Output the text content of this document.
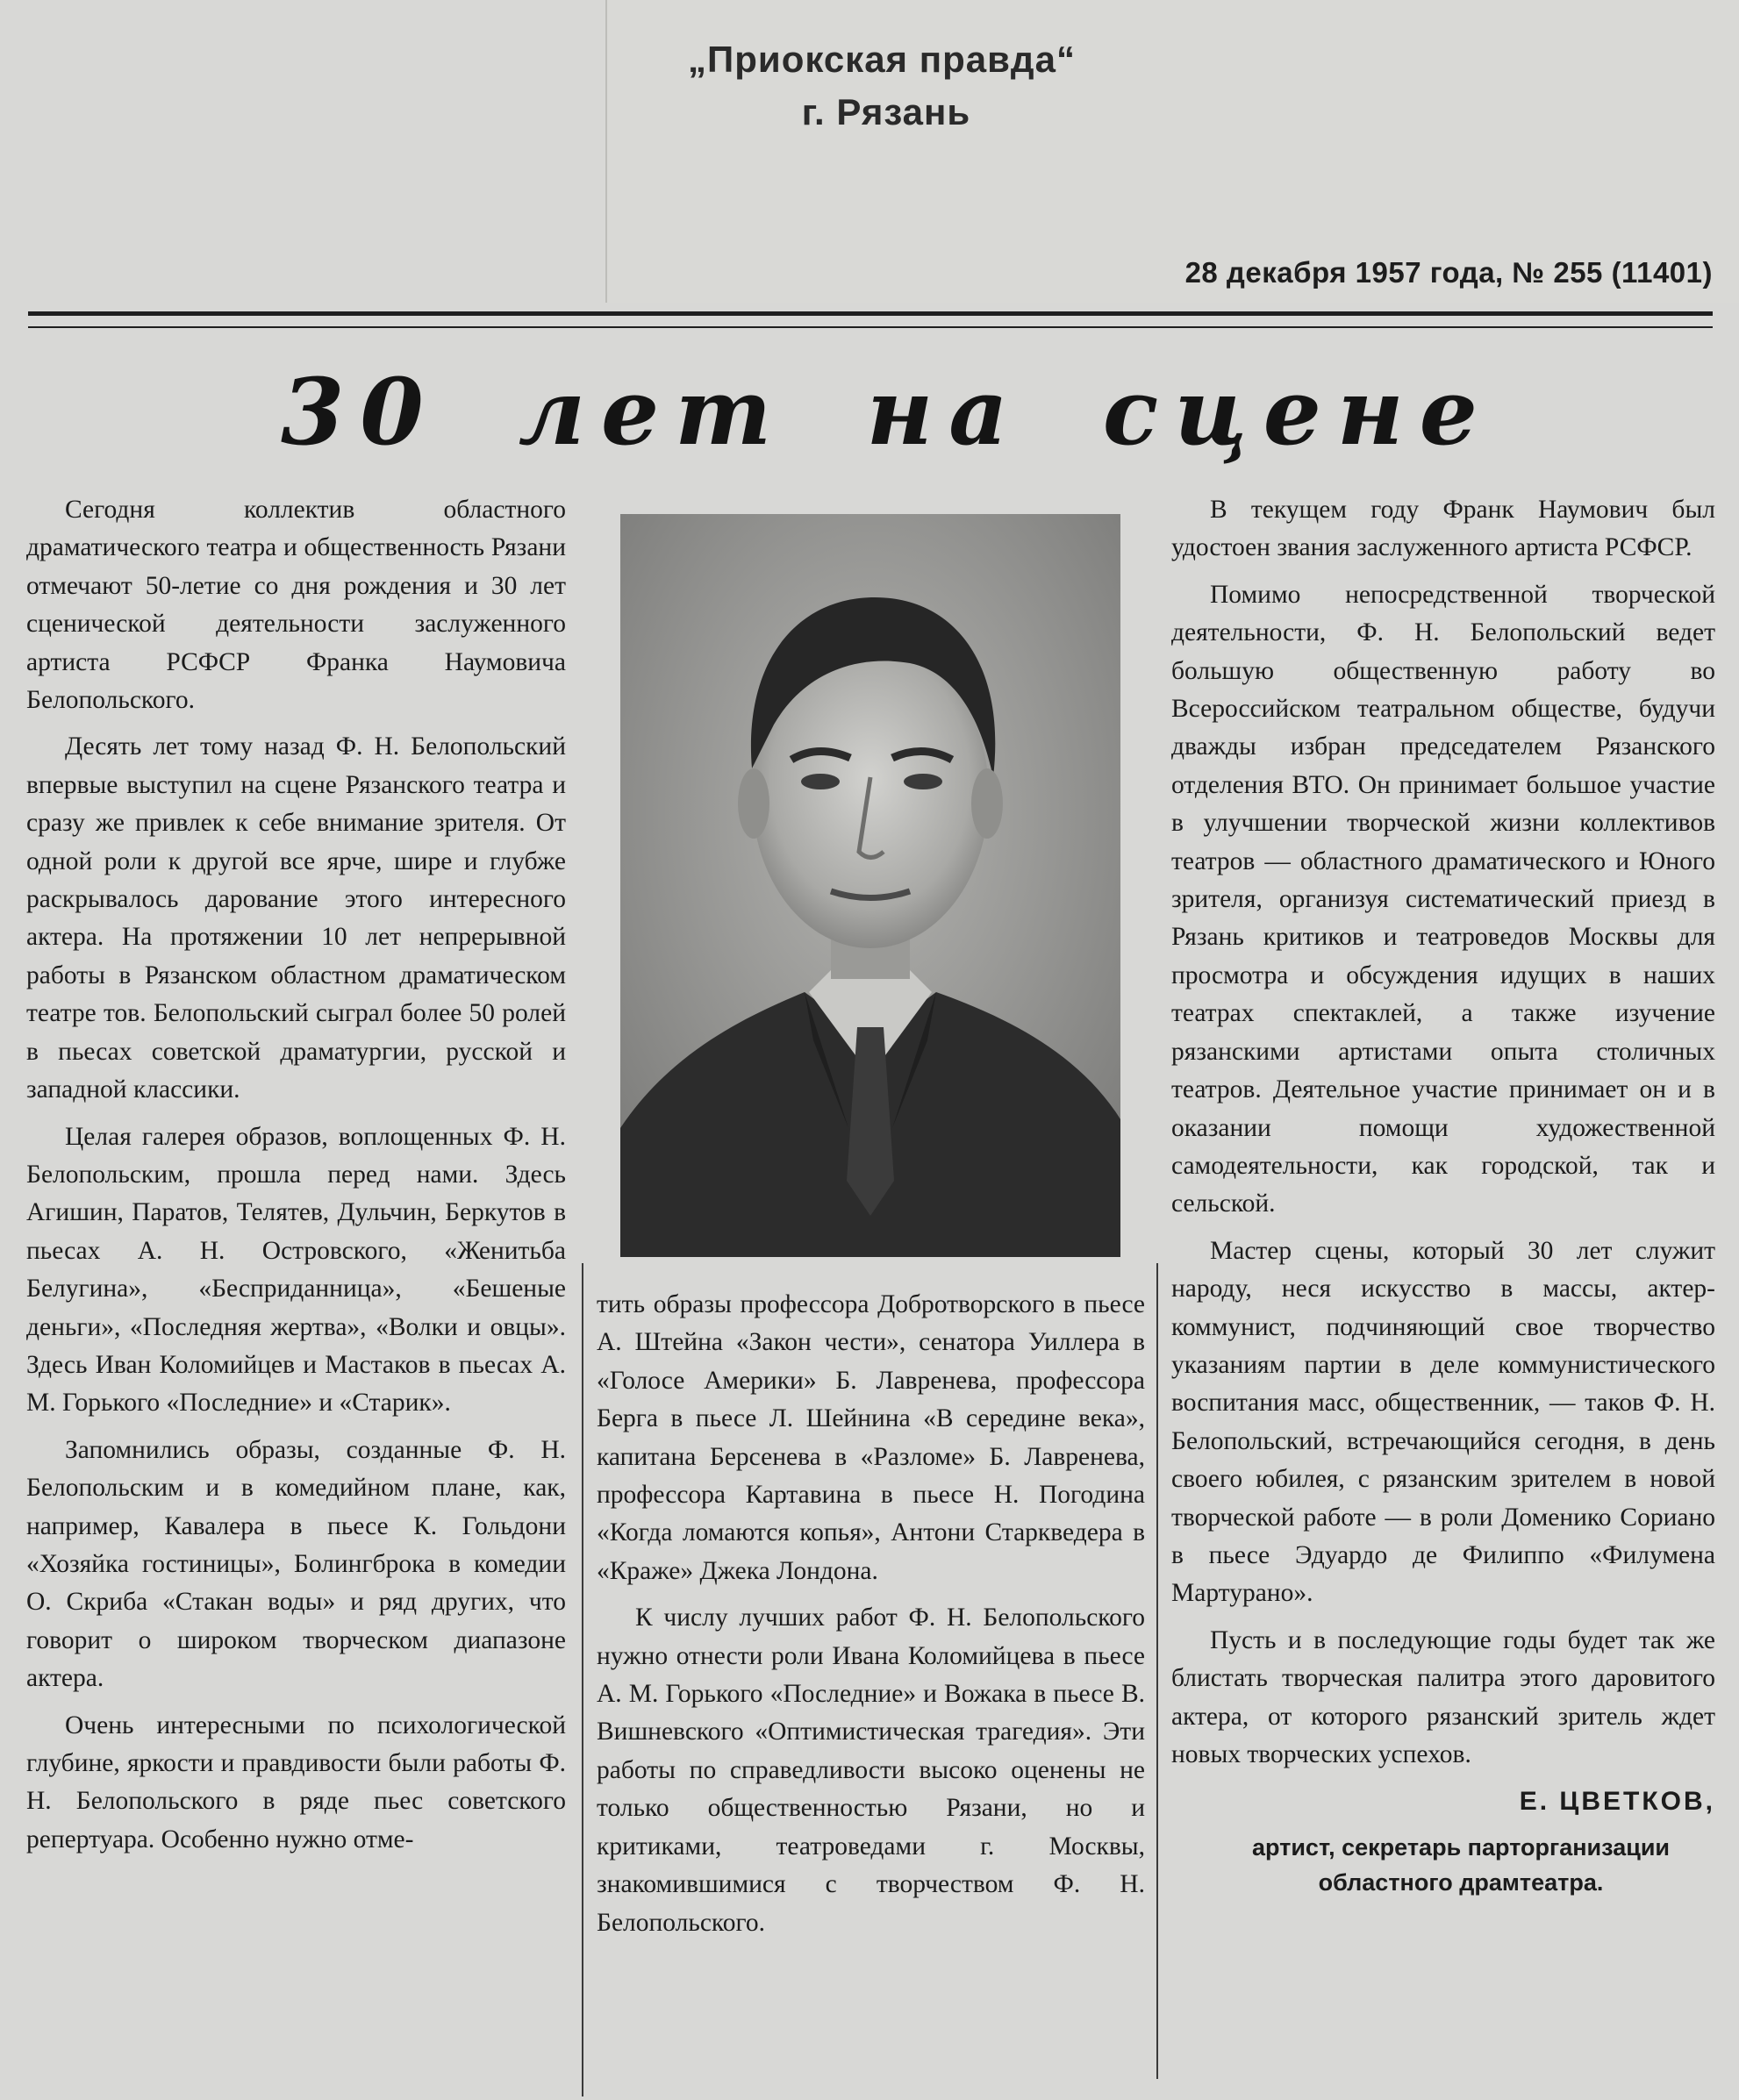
„Приокская правда“
г. Рязань
28 декабря 1957 года, № 255 (11401)
30 лет на сцене

Сегодня коллектив областного драматического театра и общественность Рязани отмечают 50-летие со дня рождения и 30 лет сценической деятельности заслуженного артиста РСФСР Франка Наумовича Белопольского.

Десять лет тому назад Ф. Н. Белопольский впервые выступил на сцене Рязанского театра и сразу же привлек к себе внимание зрителя. От одной роли к другой все ярче, шире и глубже раскрывалось дарование этого интересного актера. На протяжении 10 лет непрерывной работы в Рязанском областном драматическом театре тов. Белопольский сыграл более 50 ролей в пьесах советской драматургии, русской и западной классики.

Целая галерея образов, воплощенных Ф. Н. Белопольским, прошла перед нами. Здесь Агишин, Паратов, Телятев, Дульчин, Беркутов в пьесах А. Н. Островского, «Женитьба Белугина», «Бесприданница», «Бешеные деньги», «Последняя жертва», «Волки и овцы». Здесь Иван Коломийцев и Мастаков в пьесах А. М. Горького «Последние» и «Старик».

Запомнились образы, созданные Ф. Н. Белопольским и в комедийном плане, как, например, Кавалера в пьесе К. Гольдони «Хозяйка гостиницы», Болингброка в комедии О. Скриба «Стакан воды» и ряд других, что говорит о широком творческом диапазоне актера.

Очень интересными по психологической глубине, яркости и правдивости были работы Ф. Н. Белопольского в ряде пьес советского репертуара. Особенно нужно отме-

тить образы профессора Добротворского в пьесе А. Штейна «Закон чести», сенатора Уиллера в «Голосе Америки» Б. Лавренева, профессора Берга в пьесе Л. Шейнина «В середине века», капитана Берсенева в «Разломе» Б. Лавренева, профессора Картавина в пьесе Н. Погодина «Когда ломаются копья», Антони Старкведера в «Краже» Джека Лондона.

К числу лучших работ Ф. Н. Белопольского нужно отнести роли Ивана Коломийцева в пьесе А. М. Горького «Последние» и Вожака в пьесе В. Вишневского «Оптимистическая трагедия». Эти работы по справедливости высоко оценены не только общественностью Рязани, но и критиками, театроведами г. Москвы, знакомившимися с творчеством Ф. Н. Белопольского.

В текущем году Франк Наумович был удостоен звания заслуженного артиста РСФСР.

Помимо непосредственной творческой деятельности, Ф. Н. Белопольский ведет большую общественную работу во Всероссийском театральном обществе, будучи дважды избран председателем Рязанского отделения ВТО. Он принимает большое участие в улучшении творческой жизни коллективов театров — областного драматического и Юного зрителя, организуя систематический приезд в Рязань критиков и театроведов Москвы для просмотра и обсуждения идущих в наших театрах спектаклей, а также изучение рязанскими артистами опыта столичных театров. Деятельное участие принимает он и в оказании помощи художественной самодеятельности, как городской, так и сельской.

Мастер сцены, который 30 лет служит народу, неся искусство в массы, актер-коммунист, подчиняющий свое творчество указаниям партии в деле коммунистического воспитания масс, общественник, — таков Ф. Н. Белопольский, встречающийся сегодня, в день своего юбилея, с рязанским зрителем в новой творческой работе — в роли Доменико Сориано в пьесе Эдуардо де Филиппо «Филумена Мартурано».

Пусть и в последующие годы будет так же блистать творческая палитра этого даровитого актера, от которого рязанский зритель ждет новых творческих успехов.

Е. ЦВЕТКОВ,

артист, секретарь парторганизации областного драмтеатра.
